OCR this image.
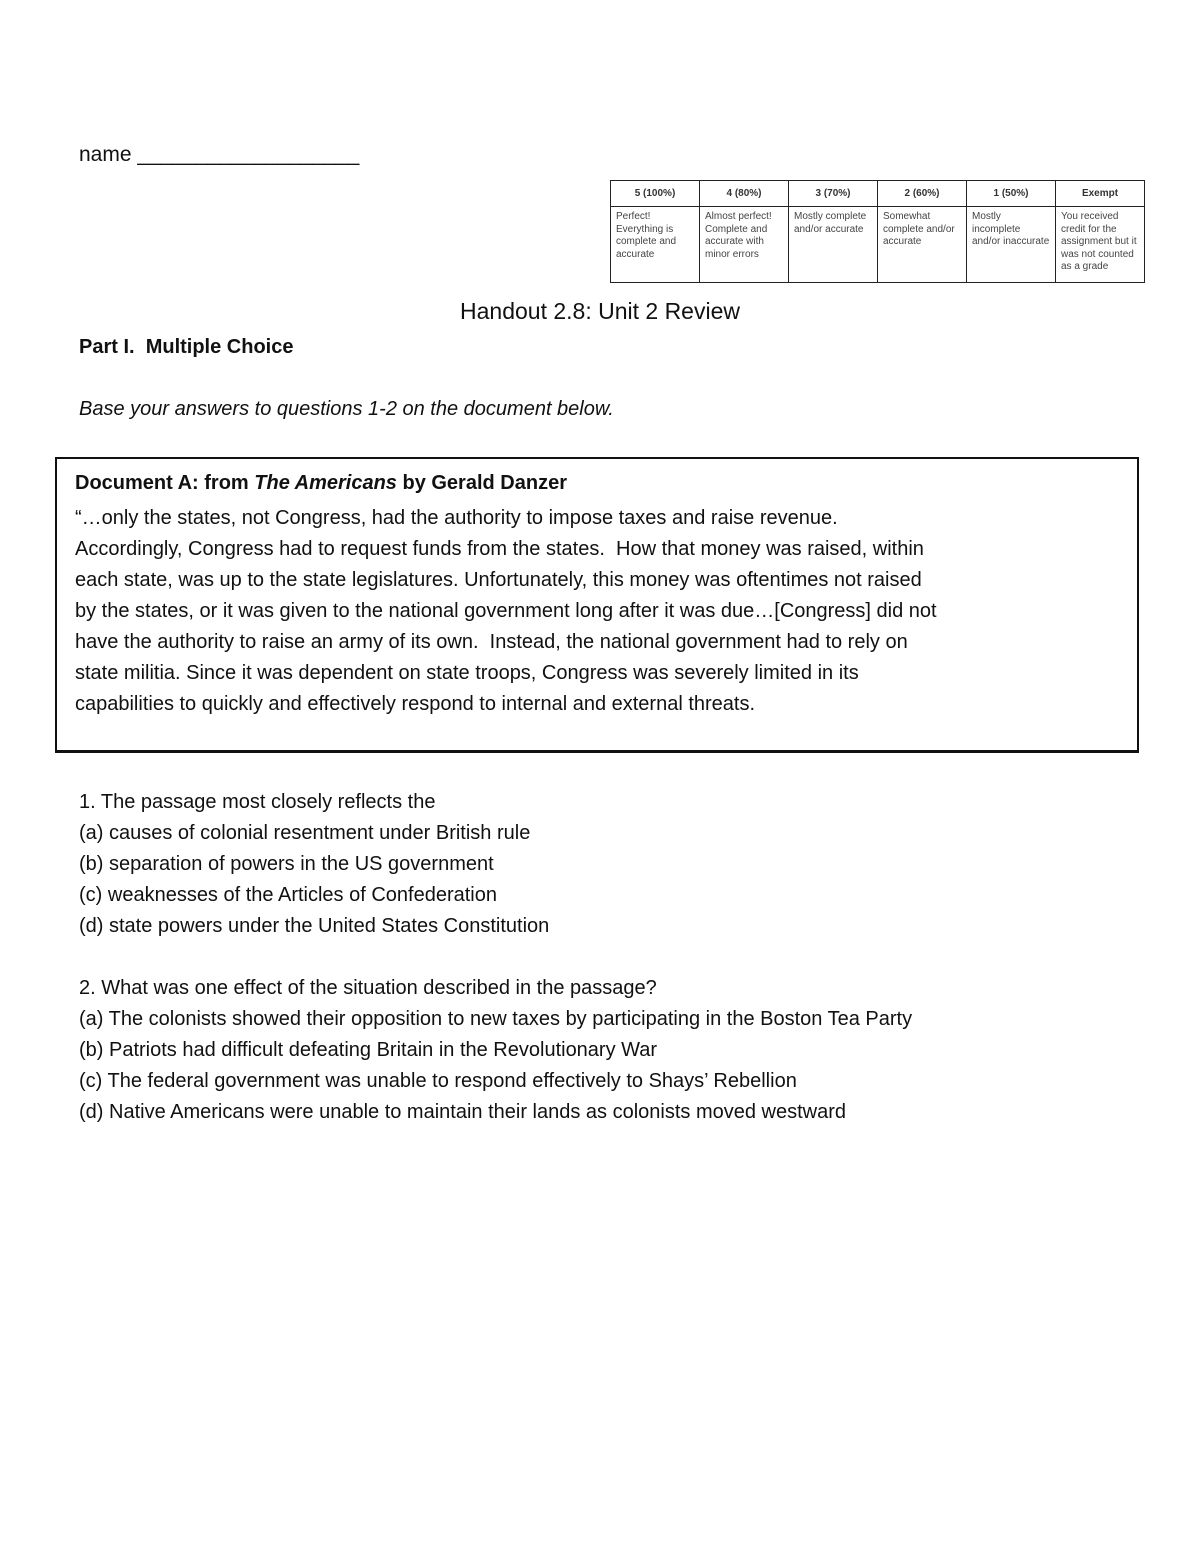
name ___________________
5 (100%)	4 (80%)	3 (70%)	2 (60%)	1 (50%)	Exempt
Perfect! Everything is complete and accurate	Almost perfect! Complete and accurate with minor errors	Mostly complete and/or accurate	Somewhat complete and/or accurate	Mostly incomplete and/or inaccurate	You received credit for the assignment but it was not counted as a grade
Handout 2.8: Unit 2 Review
Part I.  Multiple Choice
Base your answers to questions 1-2 on the document below.
Document A: from The Americans by Gerald Danzer
“…only the states, not Congress, had the authority to impose taxes and raise revenue.
Accordingly, Congress had to request funds from the states.  How that money was raised, within
each state, was up to the state legislatures. Unfortunately, this money was oftentimes not raised
by the states, or it was given to the national government long after it was due…[Congress] did not
have the authority to raise an army of its own.  Instead, the national government had to rely on
state militia. Since it was dependent on state troops, Congress was severely limited in its
capabilities to quickly and effectively respond to internal and external threats.
1. The passage most closely reflects the
(a) causes of colonial resentment under British rule
(b) separation of powers in the US government
(c) weaknesses of the Articles of Confederation
(d) state powers under the United States Constitution
2. What was one effect of the situation described in the passage?
(a) The colonists showed their opposition to new taxes by participating in the Boston Tea Party
(b) Patriots had difficult defeating Britain in the Revolutionary War
(c) The federal government was unable to respond effectively to Shays’ Rebellion
(d) Native Americans were unable to maintain their lands as colonists moved westward
